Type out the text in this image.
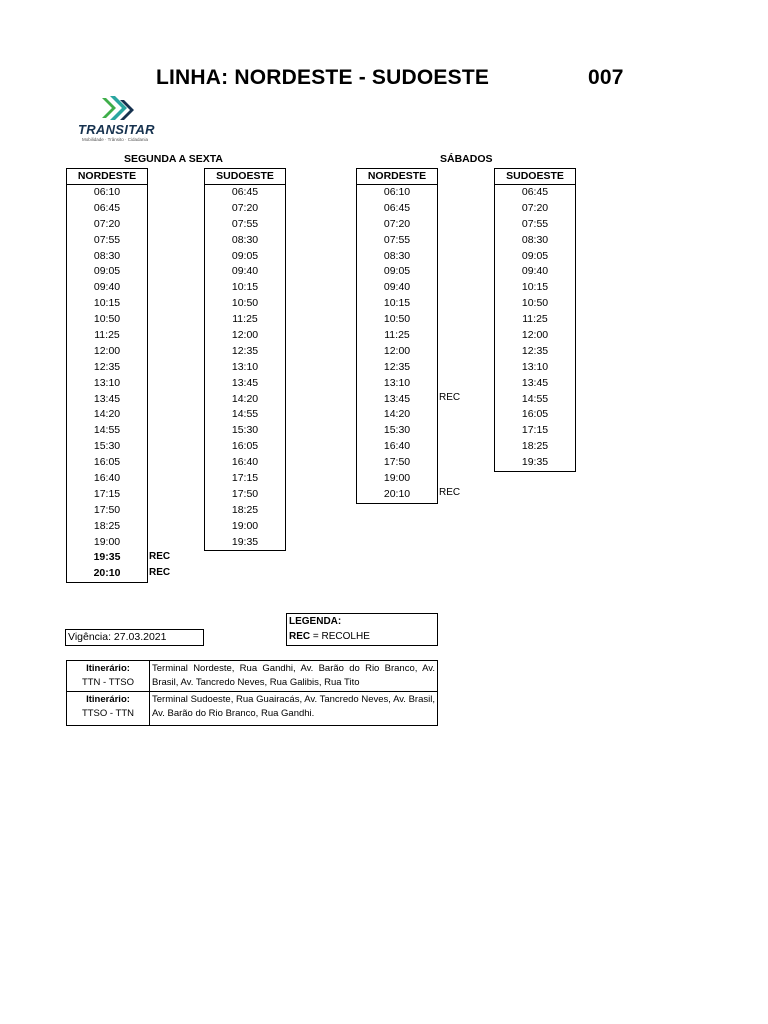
LINHA: NORDESTE - SUDOESTE	007
TRANSITAR
Mobilidade · Trânsito · Cidadania
SEGUNDA A SEXTA	SÁBADOS
NORDESTE
06:10
06:45
07:20
07:55
08:30
09:05
09:40
10:15
10:50
11:25
12:00
12:35
13:10
13:45
14:20
14:55
15:30
16:05
16:40
17:15
17:50
18:25
19:00
19:35
20:10
SUDOESTE
06:45
07:20
07:55
08:30
09:05
09:40
10:15
10:50
11:25
12:00
12:35
13:10
13:45
14:20
14:55
15:30
16:05
16:40
17:15
17:50
18:25
19:00
19:35
NORDESTE
06:10
06:45
07:20
07:55
08:30
09:05
09:40
10:15
10:50
11:25
12:00
12:35
13:10
13:45
14:20
15:30
16:40
17:50
19:00
20:10
SUDOESTE
06:45
07:20
07:55
08:30
09:05
09:40
10:15
10:50
11:25
12:00
12:35
13:10
13:45
14:55
16:05
17:15
18:25
19:35
REC
REC
REC
REC
Vigência: 27.03.2021
LEGENDA:
REC = RECOLHE
Itinerário:
TTN - TTSO
Terminal Nordeste, Rua Gandhi, Av. Barão do Rio Branco, Av. Brasil, Av. Tancredo Neves, Rua Galibis, Rua Tito
Itinerário:
TTSO - TTN
Terminal Sudoeste, Rua Guairacás, Av. Tancredo Neves, Av. Brasil, Av. Barão do Rio Branco, Rua Gandhi.
